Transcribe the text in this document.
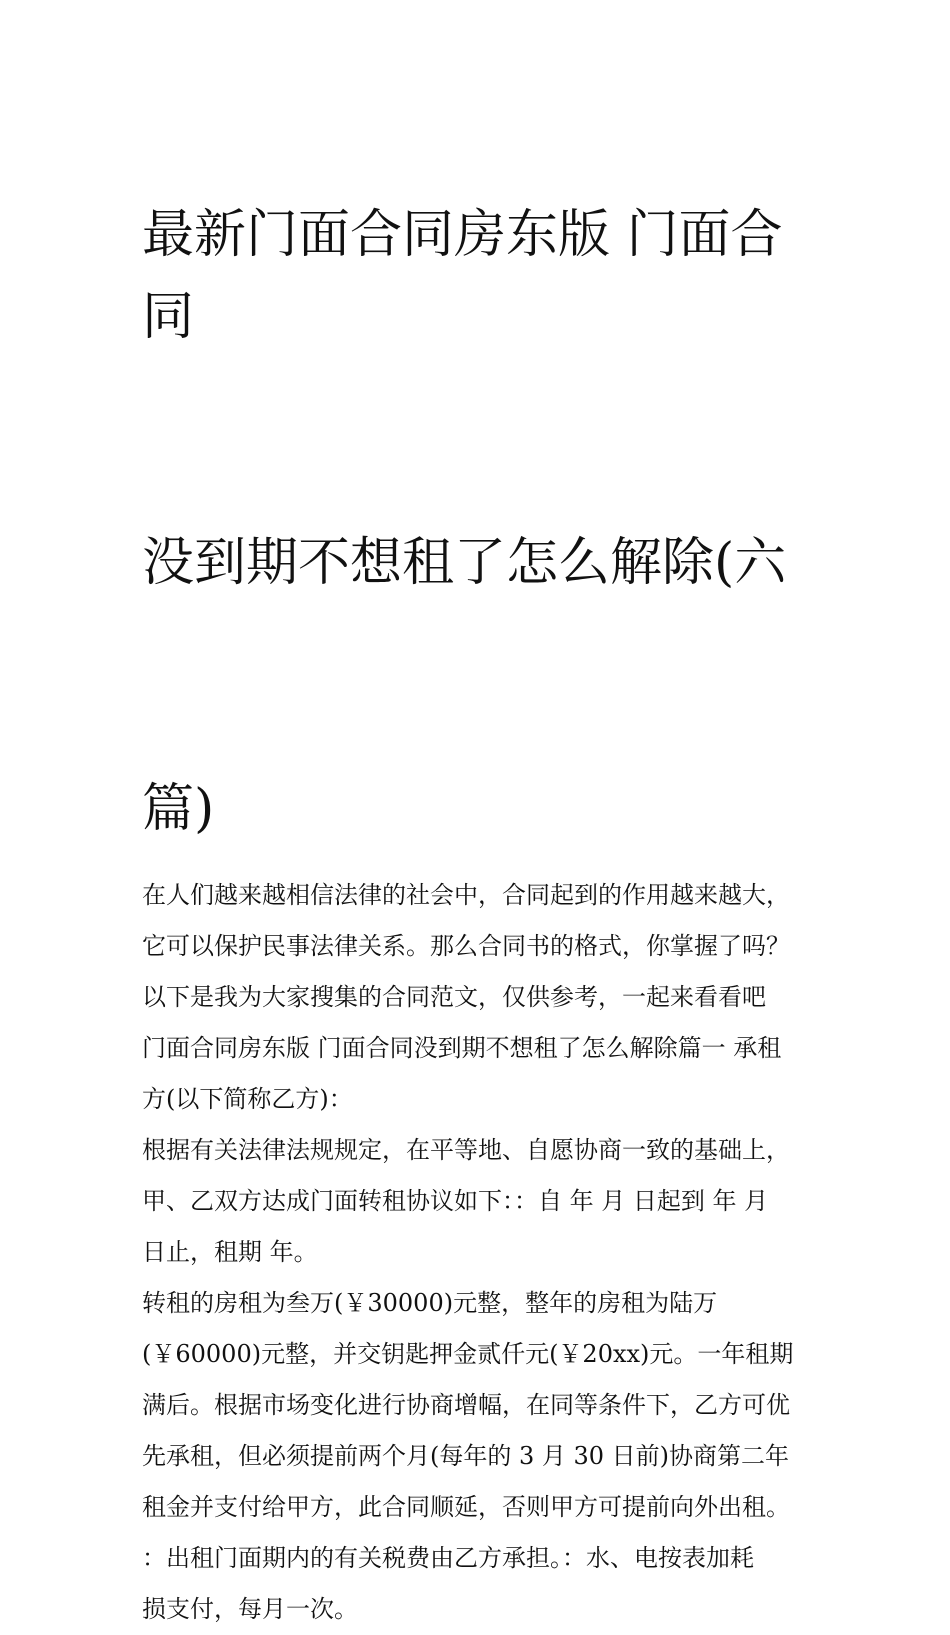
最新门面合同房东版 门面合同

没到期不想租了怎么解除(六

篇)

在人们越来越相信法律的社会中，合同起到的作用越来越大，
它可以保护民事法律关系。那么合同书的格式，你掌握了吗？
以下是我为大家搜集的合同范文，仅供参考，一起来看看吧
门面合同房东版 门面合同没到期不想租了怎么解除篇一 承租
方(以下简称乙方)：
根据有关法律法规规定，在平等地、自愿协商一致的基础上，
甲、乙双方达成门面转租协议如下：：自 年 月 日起到 年 月
日止，租期 年。
转租的房租为叁万(￥30000)元整，整年的房租为陆万
(￥60000)元整，并交钥匙押金贰仟元(￥20xx)元。一年租期
满后。根据市场变化进行协商增幅，在同等条件下，乙方可优
先承租，但必须提前两个月(每年的 3 月 30 日前)协商第二年
租金并支付给甲方，此合同顺延，否则甲方可提前向外出租。
：出租门面期内的有关税费由乙方承担。：水、电按表加耗
损支付，每月一次。
